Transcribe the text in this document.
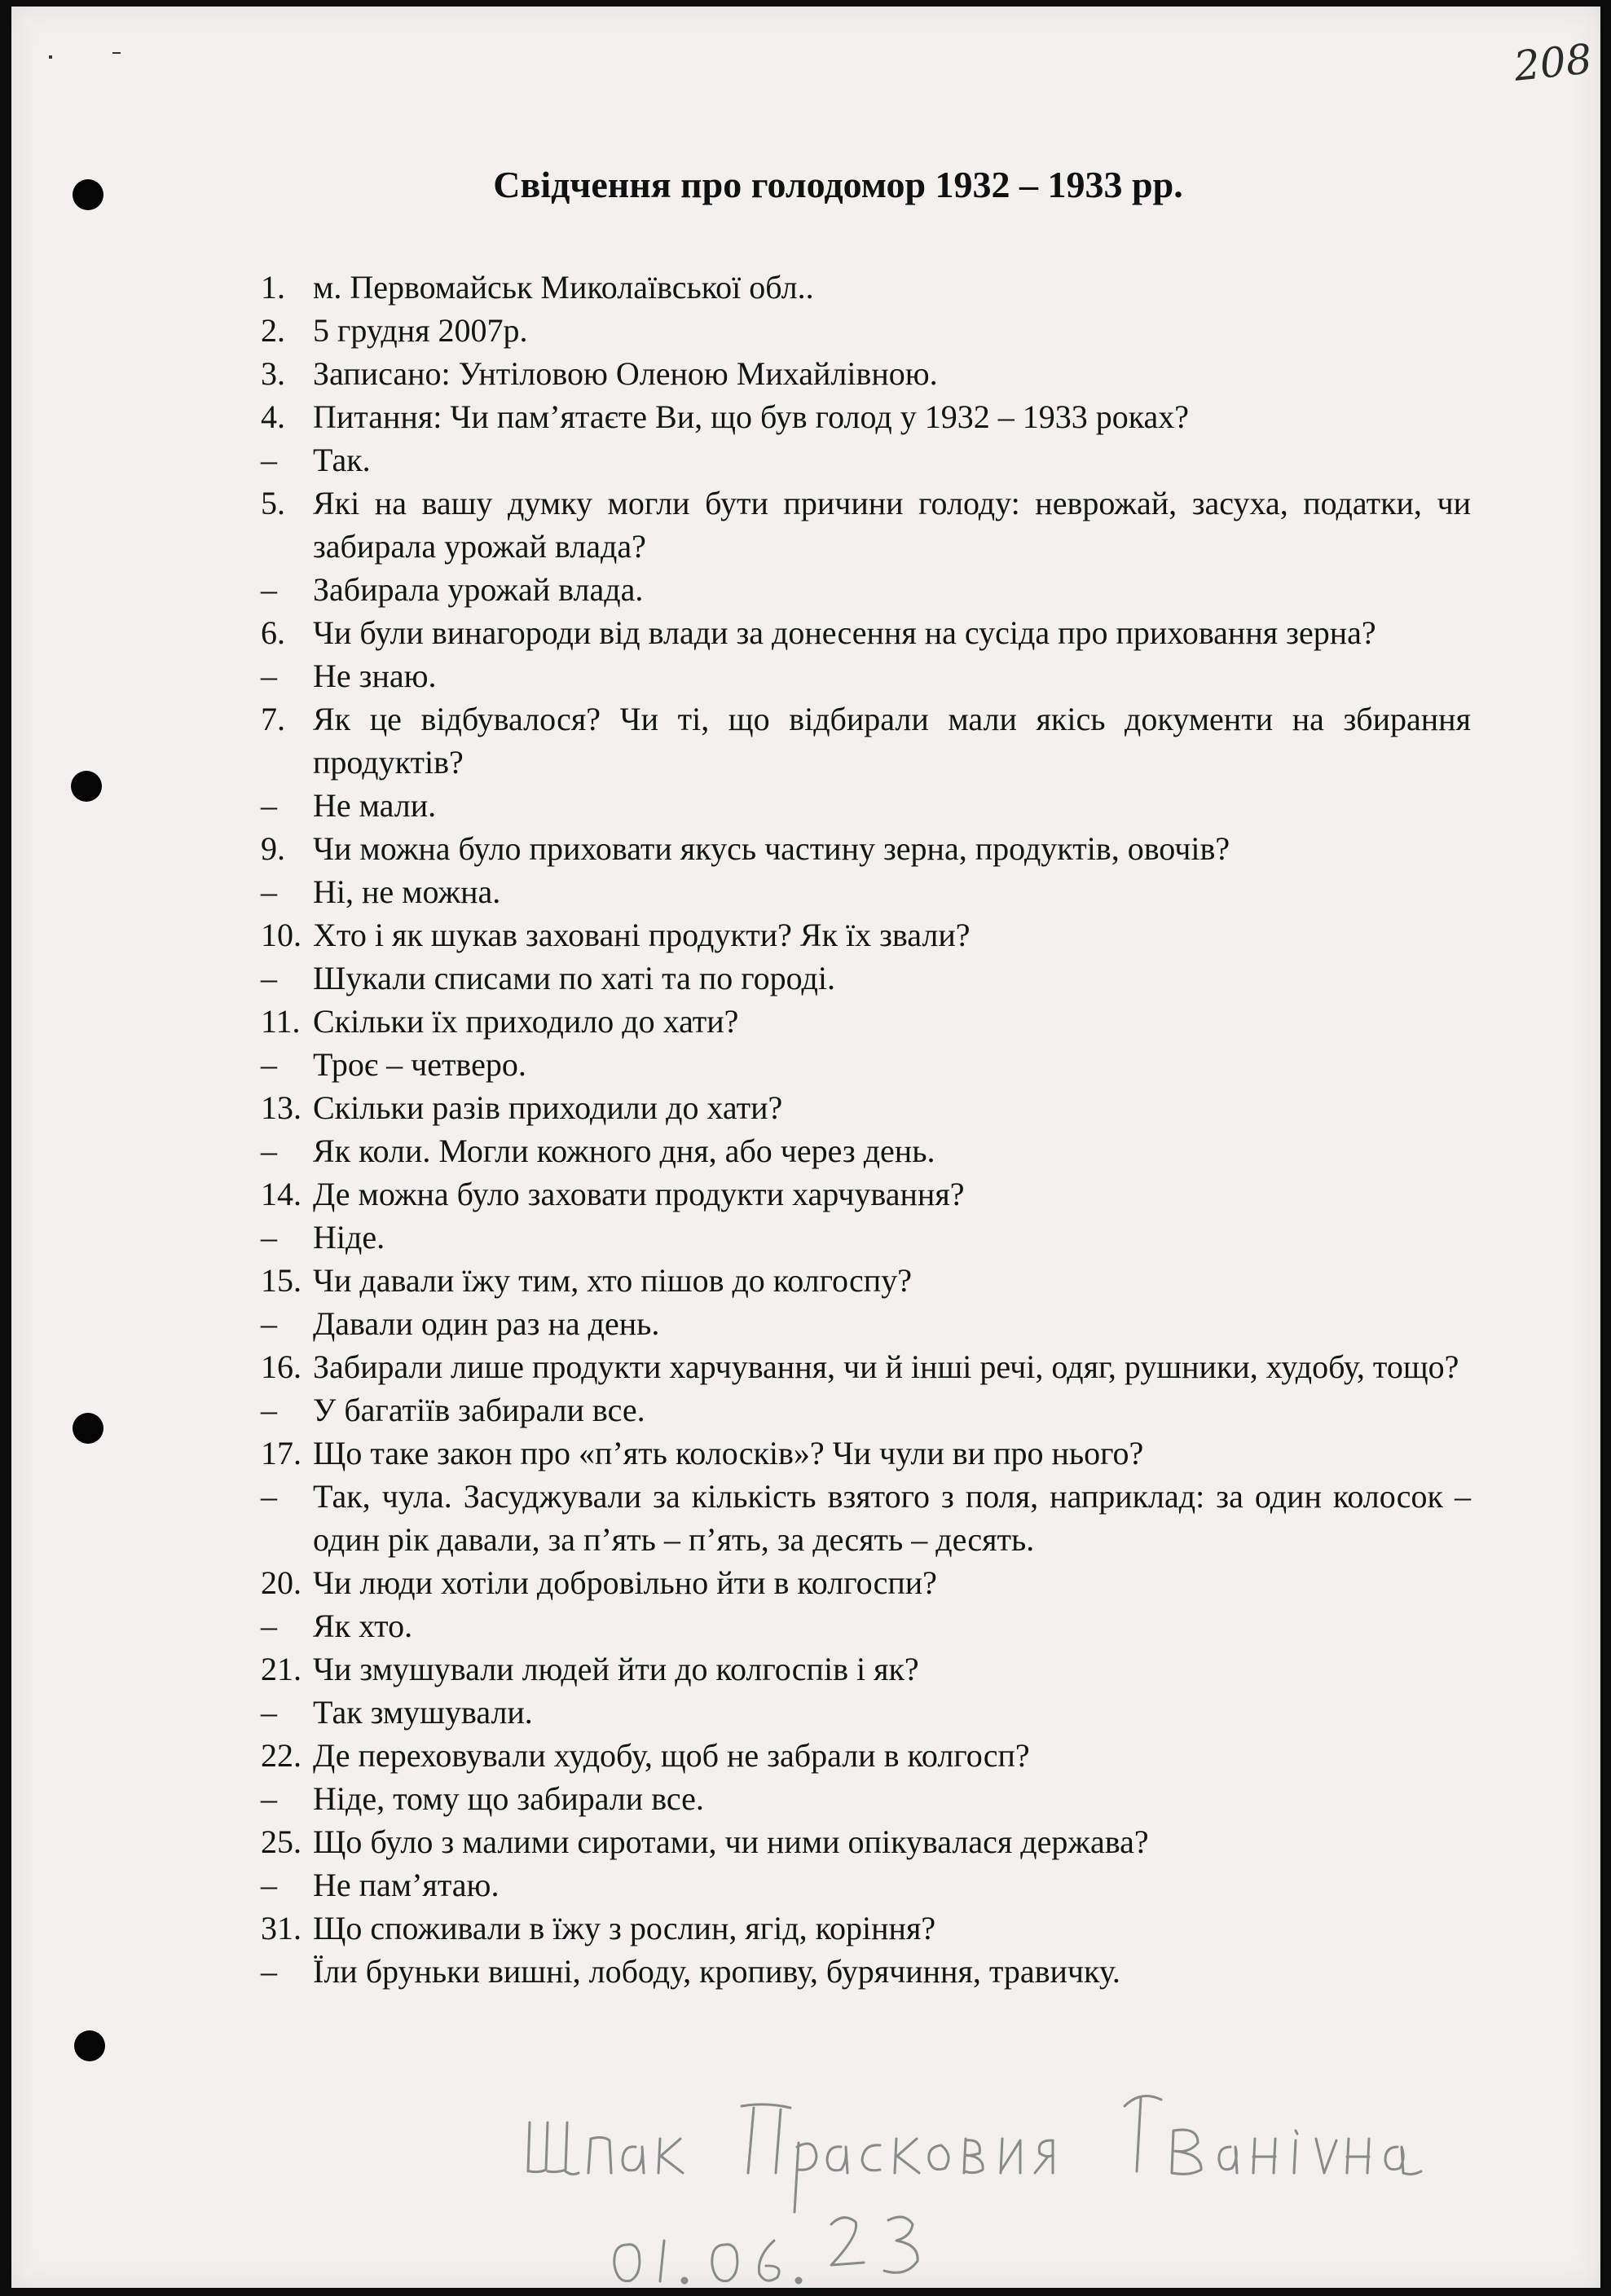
208
Свідчення про голодомор 1932 – 1933 рр.
1. м. Первомайськ Миколаївської обл..
2. 5 грудня 2007р.
3. Записано: Унтіловою Оленою Михайлівною.
4. Питання: Чи пам’ятаєте Ви, що був голод у 1932 – 1933 роках?
– Так.
5. Які на вашу думку могли бути причини голоду: неврожай, засуха, податки, чи забирала урожай влада?
– Забирала урожай влада.
6. Чи були винагороди від влади за донесення на сусіда про приховання зерна?
– Не знаю.
7. Як це відбувалося? Чи ті, що відбирали мали якісь документи на збирання продуктів?
– Не мали.
9. Чи можна було приховати якусь частину зерна, продуктів, овочів?
– Ні, не можна.
10. Хто і як шукав заховані продукти? Як їх звали?
– Шукали списами по хаті та по городі.
11. Скільки їх приходило до хати?
– Троє – четверо.
13. Скільки разів приходили до хати?
– Як коли. Могли кожного дня, або через день.
14. Де можна було заховати продукти харчування?
– Ніде.
15. Чи давали їжу тим, хто пішов до колгоспу?
– Давали один раз на день.
16. Забирали лише продукти харчування, чи й інші речі, одяг, рушники, худобу, тощо?
– У багатіїв забирали все.
17. Що таке закон про «п’ять колосків»? Чи чули ви про нього?
– Так, чула. Засуджували за кількість взятого з поля, наприклад: за один колосок – один рік давали, за п’ять – п’ять, за десять – десять.
20. Чи люди хотіли добровільно йти в колгоспи?
– Як хто.
21. Чи змушували людей йти до колгоспів і як?
– Так змушували.
22. Де переховували худобу, щоб не забрали в колгосп?
– Ніде, тому що забирали все.
25. Що було з малими сиротами, чи ними опікувалася держава?
– Не пам’ятаю.
31. Що споживали в їжу з рослин, ягід, коріння?
– Їли бруньки вишні, лободу, кропиву, бурячиння, травичку.
